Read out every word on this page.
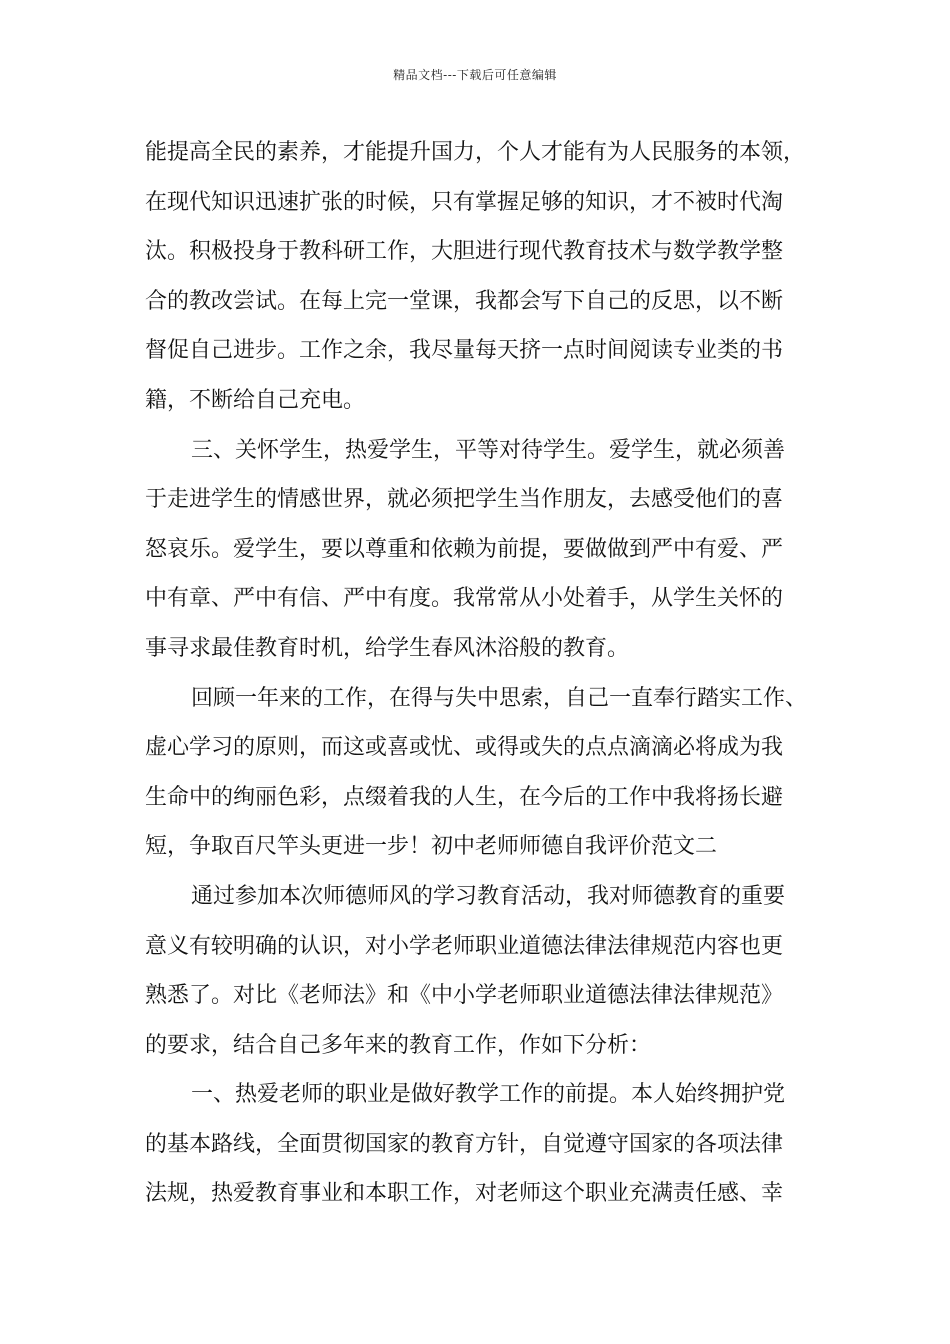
精品文档---下载后可任意编辑
能提高全民的素养，才能提升国力，个人才能有为人民服务的本领，
在现代知识迅速扩张的时候，只有掌握足够的知识，才不被时代淘
汰。积极投身于教科研工作，大胆进行现代教育技术与数学教学整
合的教改尝试。在每上完一堂课，我都会写下自己的反思，以不断
督促自己进步。工作之余，我尽量每天挤一点时间阅读专业类的书
籍，不断给自己充电。
三、关怀学生，热爱学生，平等对待学生。爱学生，就必须善
于走进学生的情感世界，就必须把学生当作朋友，去感受他们的喜
怒哀乐。爱学生，要以尊重和依赖为前提，要做做到严中有爱、严
中有章、严中有信、严中有度。我常常从小处着手，从学生关怀的
事寻求最佳教育时机，给学生春风沐浴般的教育。
回顾一年来的工作，在得与失中思索，自己一直奉行踏实工作、
虚心学习的原则，而这或喜或忧、或得或失的点点滴滴必将成为我
生命中的绚丽色彩，点缀着我的人生，在今后的工作中我将扬长避
短，争取百尺竿头更进一步！初中老师师德自我评价范文二
通过参加本次师德师风的学习教育活动，我对师德教育的重要
意义有较明确的认识，对小学老师职业道德法律法律规范内容也更
熟悉了。对比《老师法》和《中小学老师职业道德法律法律规范》
的要求，结合自己多年来的教育工作，作如下分析：
一、热爱老师的职业是做好教学工作的前提。本人始终拥护党
的基本路线，全面贯彻国家的教育方针，自觉遵守国家的各项法律
法规，热爱教育事业和本职工作，对老师这个职业充满责任感、幸
